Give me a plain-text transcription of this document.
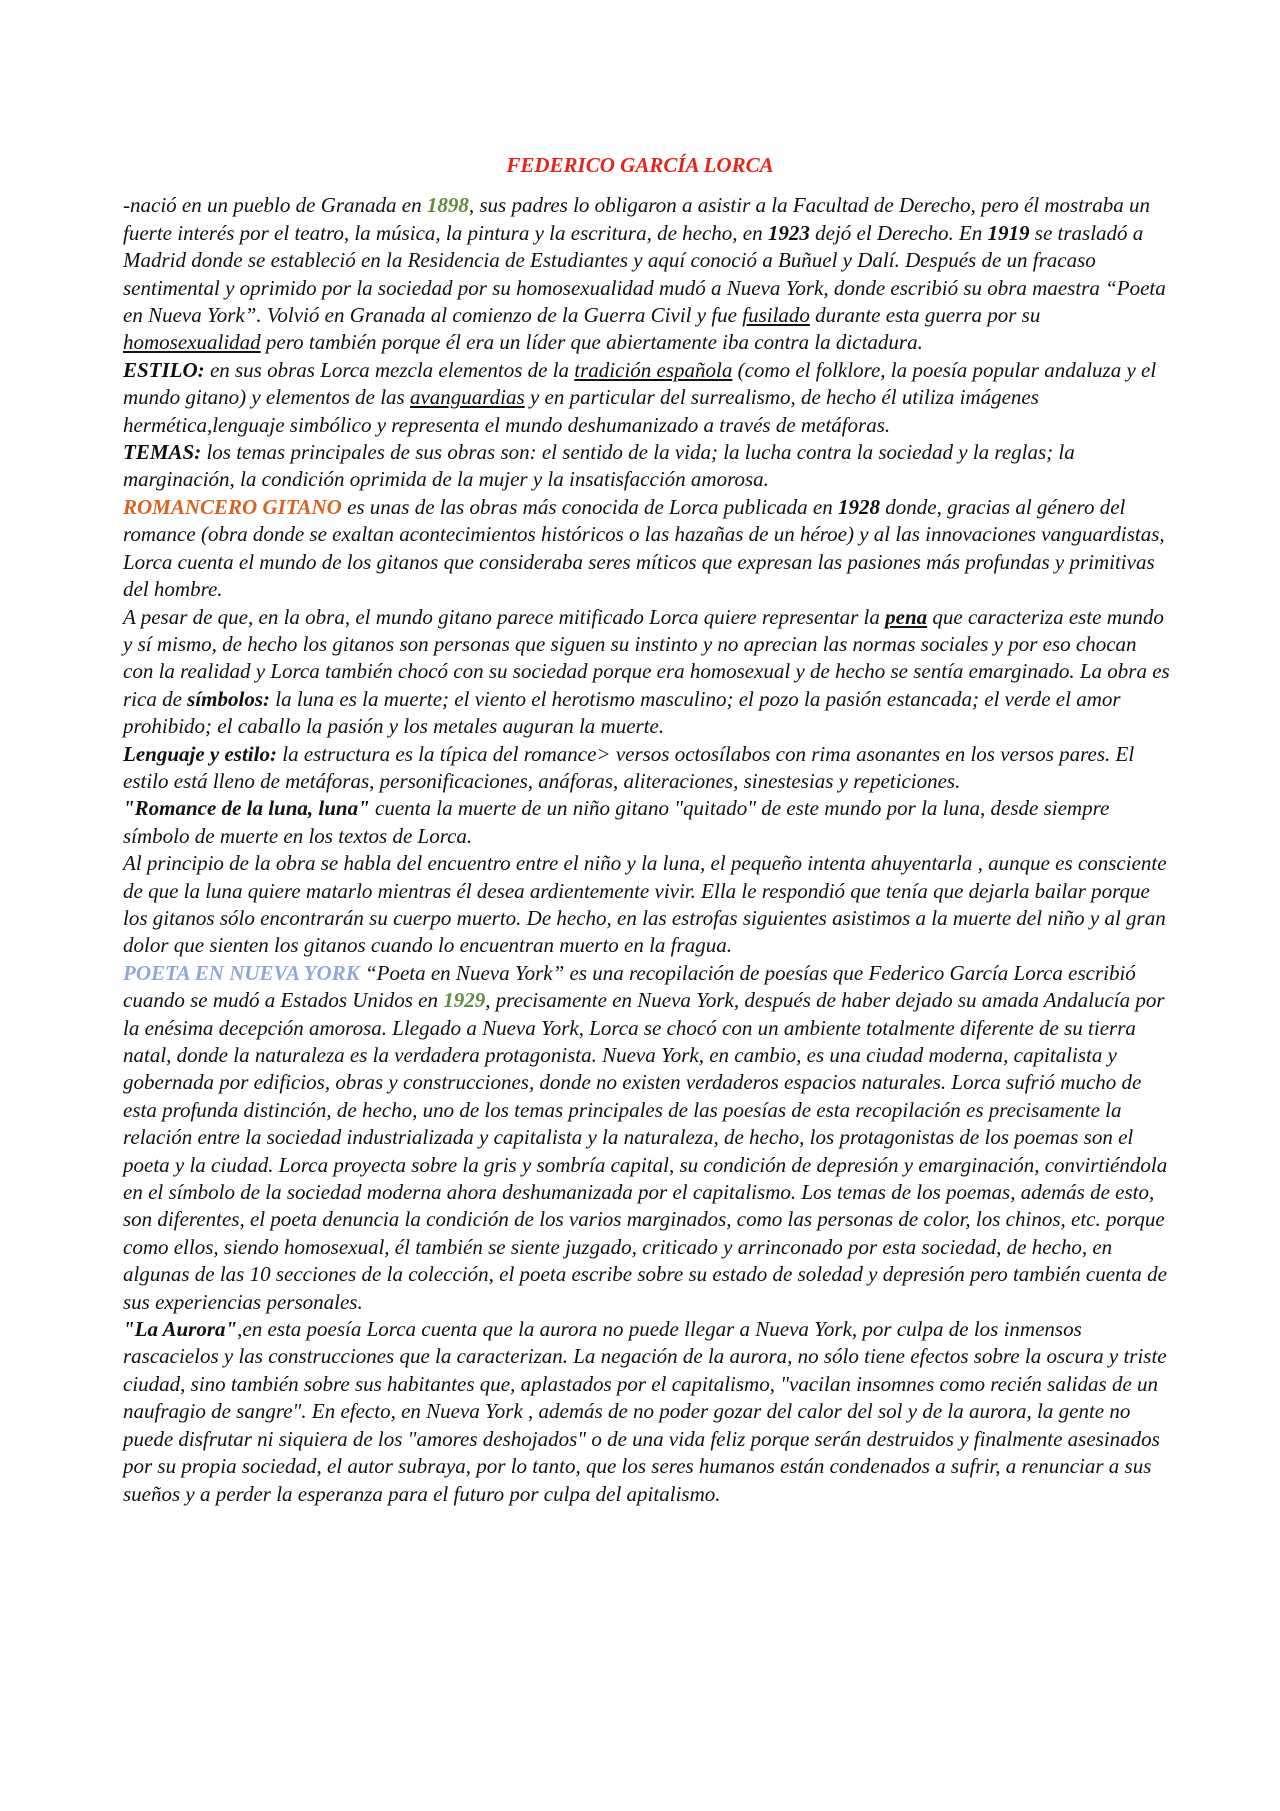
FEDERICO GARCÍA LORCA

-nació en un pueblo de Granada en 1898, sus padres lo obligaron a asistir a la Facultad de Derecho, pero él mostraba un fuerte interés por el teatro, la música, la pintura y la escritura, de hecho, en 1923 dejó el Derecho. En 1919 se trasladó a Madrid donde se estableció en la Residencia de Estudiantes y aquí conoció a Buñuel y Dalí. Después de un fracaso sentimental y oprimido por la sociedad por su homosexualidad mudó a Nueva York, donde escribió su obra maestra “Poeta en Nueva York”. Volvió en Granada al comienzo de la Guerra Civil y fue fusilado durante esta guerra por su homosexualidad pero también porque él era un líder que abiertamente iba contra la dictadura.

ESTILO: en sus obras Lorca mezcla elementos de la tradición española (como el folklore, la poesía popular andaluza y el mundo gitano) y elementos de las avanguardias y en particular del surrealismo, de hecho él utiliza imágenes hermética,lenguaje simbólico y representa el mundo deshumanizado a través de metáforas.

TEMAS: los temas principales de sus obras son: el sentido de la vida; la lucha contra la sociedad y la reglas; la marginación, la condición oprimida de la mujer y la insatisfacción amorosa.

ROMANCERO GITANO es unas de las obras más conocida de Lorca publicada en 1928 donde, gracias al género del romance (obra donde se exaltan acontecimientos históricos o las hazañas de un héroe) y al las innovaciones vanguardistas, Lorca cuenta el mundo de los gitanos que consideraba seres míticos que expresan las pasiones más profundas y primitivas del hombre.

A pesar de que, en la obra, el mundo gitano parece mitificado Lorca quiere representar la pena que caracteriza este mundo y sí mismo, de hecho los gitanos son personas que siguen su instinto y no aprecian las normas sociales y por eso chocan con la realidad y Lorca también chocó con su sociedad porque era homosexual y de hecho se sentía emarginado. La obra es rica de símbolos: la luna es la muerte; el viento el herotismo masculino; el pozo la pasión estancada; el verde el amor prohibido; el caballo la pasión y los metales auguran la muerte.

Lenguaje y estilo: la estructura es la típica del romance> versos octosílabos con rima asonantes en los versos pares. El estilo está lleno de metáforas, personificaciones, anáforas, aliteraciones, sinestesias y repeticiones.

"Romance de la luna, luna" cuenta la muerte de un niño gitano "quitado" de este mundo por la luna, desde siempre símbolo de muerte en los textos de Lorca.

Al principio de la obra se habla del encuentro entre el niño y la luna, el pequeño intenta ahuyentarla , aunque es consciente de que la luna quiere matarlo mientras él desea ardientemente vivir. Ella le respondió que tenía que dejarla bailar porque los gitanos sólo encontrarán su cuerpo muerto. De hecho, en las estrofas siguientes asistimos a la muerte del niño y al gran dolor que sienten los gitanos cuando lo encuentran muerto en la fragua.

POETA EN NUEVA YORK “Poeta en Nueva York” es una recopilación de poesías que Federico García Lorca escribió cuando se mudó a Estados Unidos en 1929, precisamente en Nueva York, después de haber dejado su amada Andalucía por la enésima decepción amorosa. Llegado a Nueva York, Lorca se chocó con un ambiente totalmente diferente de su tierra natal, donde la naturaleza es la verdadera protagonista. Nueva York, en cambio, es una ciudad moderna, capitalista y gobernada por edificios, obras y construcciones, donde no existen verdaderos espacios naturales. Lorca sufrió mucho de esta profunda distinción, de hecho, uno de los temas principales de las poesías de esta recopilación es precisamente la relación entre la sociedad industrializada y capitalista y la naturaleza, de hecho, los protagonistas de los poemas son el poeta y la ciudad. Lorca proyecta sobre la gris y sombría capital, su condición de depresión y emarginación, convirtiéndola en el símbolo de la sociedad moderna ahora deshumanizada por el capitalismo. Los temas de los poemas, además de esto, son diferentes, el poeta denuncia la condición de los varios marginados, como las personas de color, los chinos, etc. porque como ellos, siendo homosexual, él también se siente juzgado, criticado y arrinconado por esta sociedad, de hecho, en algunas de las 10 secciones de la colección, el poeta escribe sobre su estado de soledad y depresión pero también cuenta de sus experiencias personales.

"La Aurora",en esta poesía Lorca cuenta que la aurora no puede llegar a Nueva York, por culpa de los inmensos rascacielos y las construcciones que la caracterizan. La negación de la aurora, no sólo tiene efectos sobre la oscura y triste ciudad, sino también sobre sus habitantes que, aplastados por el capitalismo, "vacilan insomnes como recién salidas de un naufragio de sangre". En efecto, en Nueva York , además de no poder gozar del calor del sol y de la aurora, la gente no puede disfrutar ni siquiera de los "amores deshojados" o de una vida feliz porque serán destruidos y finalmente asesinados por su propia sociedad, el autor subraya, por lo tanto, que los seres humanos están condenados a sufrir, a renunciar a sus sueños y a perder la esperanza para el futuro por culpa del apitalismo.
